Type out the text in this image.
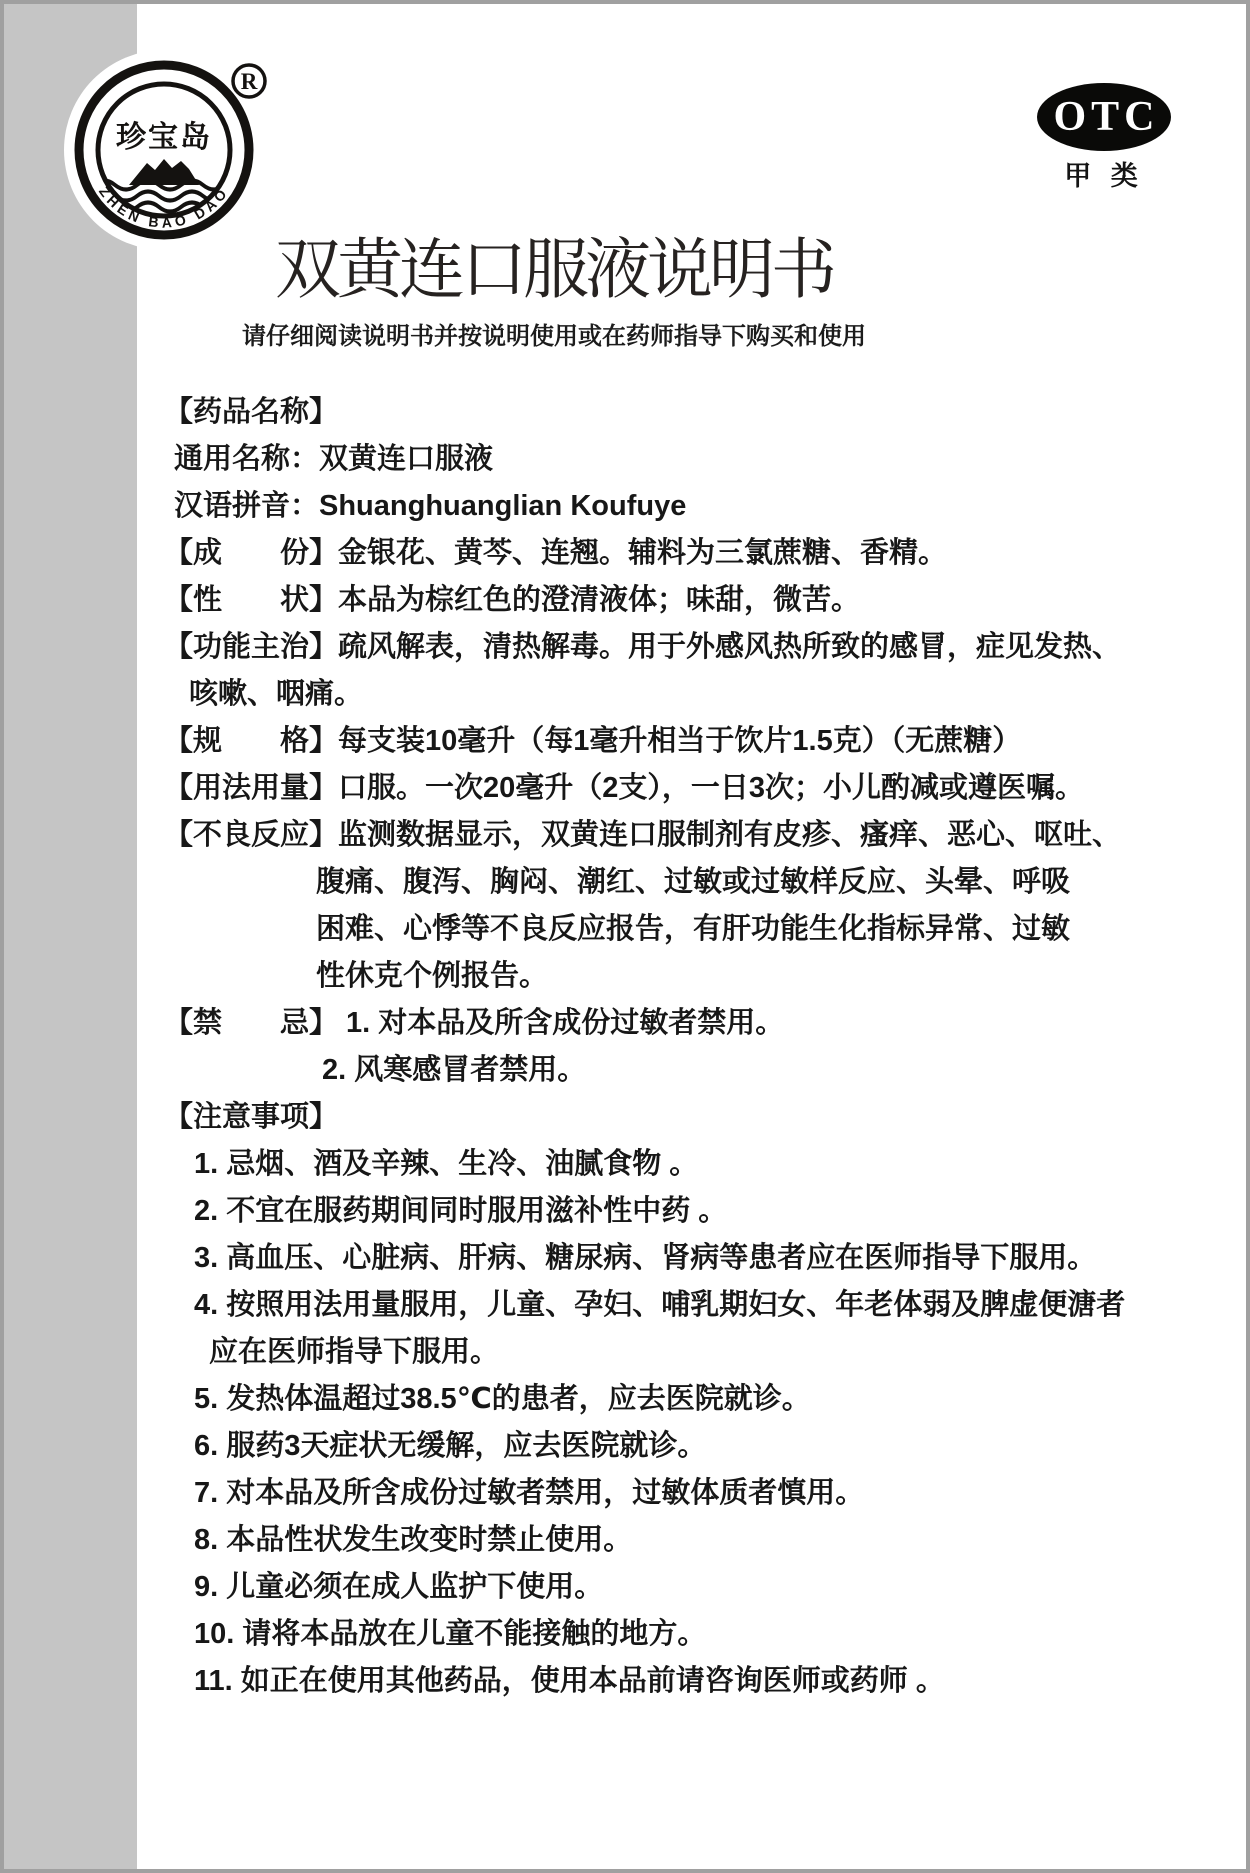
珍宝岛
ZHEN BAO DAO
R
OTC
甲 类
双黄连口服液说明书
请仔细阅读说明书并按说明使用或在药师指导下购买和使用
【药品名称】
通用名称：双黄连口服液
汉语拼音：Shuanghuanglian Koufuye
【成　　份】金银花、黄芩、连翘。辅料为三氯蔗糖、香精。
【性　　状】本品为棕红色的澄清液体；味甜，微苦。
【功能主治】疏风解表，清热解毒。用于外感风热所致的感冒，症见发热、
咳嗽、咽痛。
【规　　格】每支装10毫升（每1毫升相当于饮片1.5克）（无蔗糖）
【用法用量】口服。一次20毫升（2支），一日3次；小儿酌减或遵医嘱。
【不良反应】监测数据显示，双黄连口服制剂有皮疹、瘙痒、恶心、呕吐、
腹痛、腹泻、胸闷、潮红、过敏或过敏样反应、头晕、呼吸
困难、心悸等不良反应报告，有肝功能生化指标异常、过敏
性休克个例报告。
【禁　　忌】 1. 对本品及所含成份过敏者禁用。
2. 风寒感冒者禁用。
【注意事项】
1. 忌烟、酒及辛辣、生冷、油腻食物 。
2. 不宜在服药期间同时服用滋补性中药 。
3. 高血压、心脏病、肝病、糖尿病、肾病等患者应在医师指导下服用。
4. 按照用法用量服用，儿童、孕妇、哺乳期妇女、年老体弱及脾虚便溏者
应在医师指导下服用。
5. 发热体温超过38.5℃的患者，应去医院就诊。
6. 服药3天症状无缓解，应去医院就诊。
7. 对本品及所含成份过敏者禁用，过敏体质者慎用。
8. 本品性状发生改变时禁止使用。
9. 儿童必须在成人监护下使用。
10. 请将本品放在儿童不能接触的地方。
11. 如正在使用其他药品，使用本品前请咨询医师或药师 。
